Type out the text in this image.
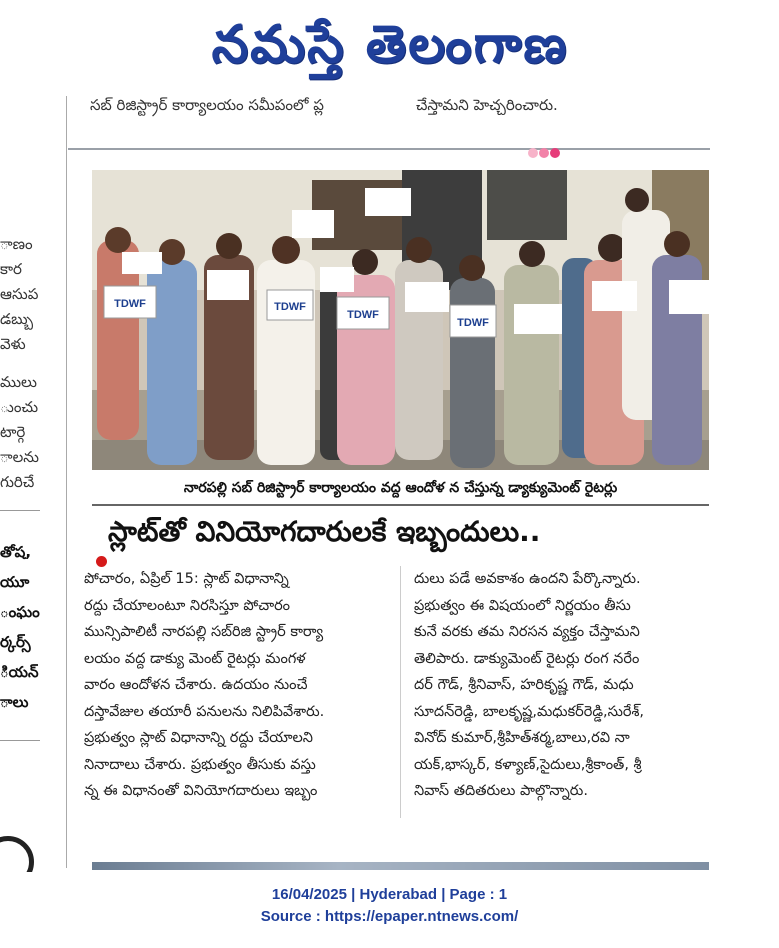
నమస్తే తెలంగాణ
ాణం
కార
ఆసుప
డబ్బు
వెళు
ములు
ుంచు
టార్గె
ాలను
గురిచే
తోష,
యూ
ంఘం
ర్కర్స్
ియన్
ాలు
సబ్ రిజిస్ట్రార్ కార్యాలయం సమీపంలో ప్ల	చేస్తామని హెచ్చరించారు.
TDWF	TDWF
TDWF
TDWF
నారపల్లి సబ్ రిజిస్ట్రార్ కార్యాలయం వద్ద ఆందోళ న చేస్తున్న డ్యాక్యుమెంట్ రైటర్లు
స్లాట్‌తో వినియోగదారులకే ఇబ్బందులు..

పోచారం, ఏప్రిల్ 15: స్లాట్ విధానాన్ని

రద్దు చేయాలంటూ నిరసిస్తూ పోచారం

మున్సిపాలిటీ నారపల్లి సబ్‌రిజి స్ట్రార్ కార్యా

లయం వద్ద డాక్యు మెంట్ రైటర్లు మంగళ

వారం ఆందోళన చేశారు. ఉదయం నుంచే

దస్తావేజుల తయారీ పనులను నిలిపివేశారు.

ప్రభుత్వం స్లాట్ విధానాన్ని రద్దు చేయాలని

నినాదాలు చేశారు. ప్రభుత్వం తీసుకు వస్తు

న్న ఈ విధానంతో వినియోగదారులు ఇబ్బం

దులు పడే అవకాశం ఉందని పేర్కొన్నారు.

ప్రభుత్వం ఈ విషయంలో నిర్ణయం తీసు

కునే వరకు తమ నిరసన వ్యక్తం చేస్తామని

తెలిపారు. డాక్యుమెంట్ రైటర్లు రంగ నరేం

దర్ గౌడ్, శ్రీనివాస్, హరికృష్ణ గౌడ్, మధు

సూదన్‌రెడ్డి, బాలకృష్ణ,మధుకర్‌రెడ్డి,సురేశ్,

వినోద్ కుమార్,శ్రీహిత్‌శర్మ,బాలు,రవి నా

యక్,భాస్కర్, కళ్యాణ్,సైదులు,శ్రీకాంత్, శ్రీ

నివాస్ తదితరులు పాల్గొన్నారు.

16/04/2025 | Hyderabad | Page : 1
Source : https://epaper.ntnews.com/
